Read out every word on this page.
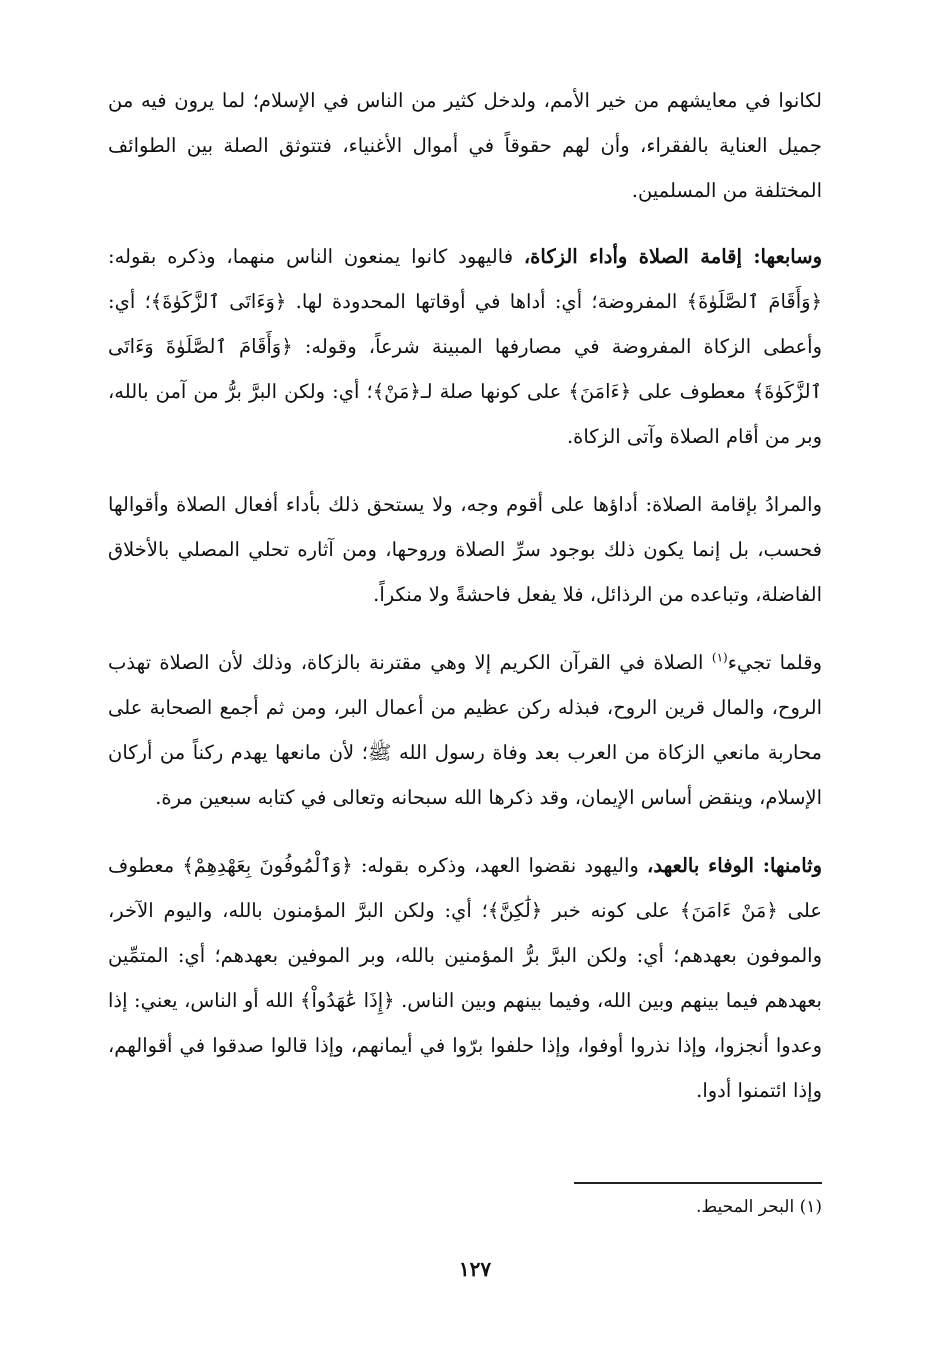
لكانوا في معايشهم من خير الأمم، ولدخل كثير من الناس في الإسلام؛ لما يرون فيه من جميل العناية بالفقراء، وأن لهم حقوقاً في أموال الأغنياء، فتتوثق الصلة بين الطوائف المختلفة من المسلمين.

وسابعها: إقامة الصلاة وأداء الزكاة، فاليهود كانوا يمنعون الناس منهما، وذكره بقوله: ﴿وَأَقَامَ ٱلصَّلَوٰةَ﴾ المفروضة؛ أي: أداها في أوقاتها المحدودة لها. ﴿وَءَاتَى ٱلزَّكَوٰةَ﴾؛ أي: وأعطى الزكاة المفروضة في مصارفها المبينة شرعاً، وقوله: ﴿وَأَقَامَ ٱلصَّلَوٰةَ وَءَاتَى ٱلزَّكَوٰةَ﴾ معطوف على ﴿ءَامَنَ﴾ على كونها صلة لـ﴿مَنْ﴾؛ أي: ولكن البرَّ برُّ من آمن بالله، وبر من أقام الصلاة وآتى الزكاة.

والمرادُ بإقامة الصلاة: أداؤها على أقوم وجه، ولا يستحق ذلك بأداء أفعال الصلاة وأقوالها فحسب، بل إنما يكون ذلك بوجود سرِّ الصلاة وروحها، ومن آثاره تحلي المصلي بالأخلاق الفاضلة، وتباعده من الرذائل، فلا يفعل فاحشةً ولا منكراً.

وقلما تجيء$^{(١)}$ الصلاة في القرآن الكريم إلا وهي مقترنة بالزكاة، وذلك لأن الصلاة تهذب الروح، والمال قرين الروح، فبذله ركن عظيم من أعمال البر، ومن ثم أجمع الصحابة على محاربة مانعي الزكاة من العرب بعد وفاة رسول الله ﷺ؛ لأن مانعها يهدم ركناً من أركان الإسلام، وينقض أساس الإيمان، وقد ذكرها الله سبحانه وتعالى في كتابه سبعين مرة.

وثامنها: الوفاء بالعهد، واليهود نقضوا العهد، وذكره بقوله: ﴿وَٱلْمُوفُونَ بِعَهْدِهِمْ﴾ معطوف على ﴿مَنْ ءَامَنَ﴾ على كونه خبر ﴿لَٰكِنَّ﴾؛ أي: ولكن البرَّ المؤمنون بالله، واليوم الآخر، والموفون بعهدهم؛ أي: ولكن البرَّ برُّ المؤمنين بالله، وبر الموفين بعهدهم؛ أي: المتمِّين بعهدهم فيما بينهم وبين الله، وفيما بينهم وبين الناس. ﴿إِذَا عَٰهَدُواْ﴾ الله أو الناس، يعني: إذا وعدوا أنجزوا، وإذا نذروا أوفوا، وإذا حلفوا برّوا في أيمانهم، وإذا قالوا صدقوا في أقوالهم، وإذا ائتمنوا أدوا.

(١) البحر المحيط.
١٢٧
